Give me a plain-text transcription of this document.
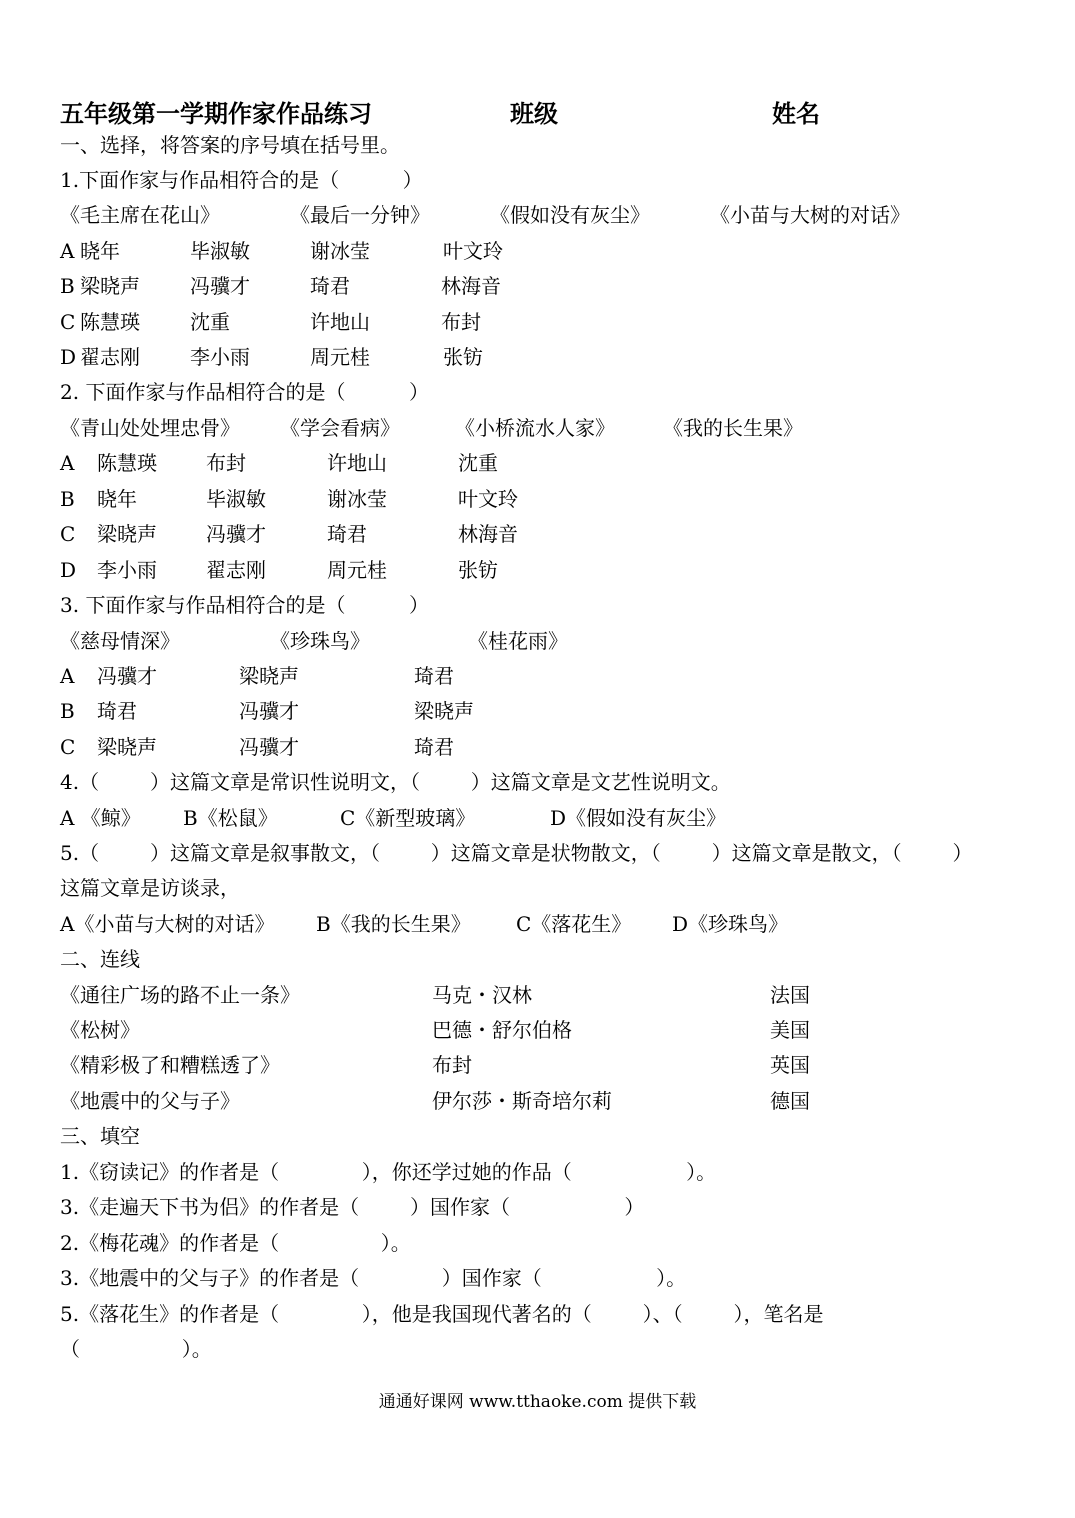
五年级第一学期作家作品练习	班级	姓名
一、选择，将答案的序号填在括号里。
1.下面作家与作品相符合的是（          ）
《毛主席在花山》	《最后一分钟》	《假如没有灰尘》	《小苗与大树的对话》
A 晓年	毕淑敏	谢冰莹	叶文玲
B 梁晓声	冯骥才	琦君	林海音
C 陈慧瑛	沈重	许地山	布封
D 翟志刚	李小雨	周元桂	张钫
2. 下面作家与作品相符合的是（          ）
《青山处处埋忠骨》 《学会看病》	《小桥流水人家》 《我的长生果》
A 陈慧瑛 布封	许地山	沈重
B 晓年	毕淑敏	谢冰莹	叶文玲
C 梁晓声 冯骥才	琦君	林海音
D 李小雨 翟志刚	周元桂	张钫
3. 下面作家与作品相符合的是（          ）
《慈母情深》	《珍珠鸟》	《桂花雨》
A 冯骥才	梁晓声	琦君
B 琦君	冯骥才	梁晓声
C 梁晓声	冯骥才	琦君
4.（        ）这篇文章是常识性说明文，（        ）这篇文章是文艺性说明文。
A 《鲸》 B《松鼠》	C《新型玻璃》	D《假如没有灰尘》
5.（        ）这篇文章是叙事散文，（        ）这篇文章是状物散文，（        ）这篇文章是散文，（        ）
这篇文章是访谈录，
A《小苗与大树的对话》 B《我的长生果》 C《落花生》 D《珍珠鸟》
二、连线
《通往广场的路不止一条》	马克・汉林	法国
《松树》	巴德・舒尔伯格	美国
《精彩极了和糟糕透了》	布封	英国
《地震中的父与子》	伊尔莎・斯奇培尔莉	德国
三、填空
1.《窃读记》的作者是（             ），你还学过她的作品（                  ）。
3.《走遍天下书为侣》的作者是（        ）国作家（                  ）
2.《梅花魂》的作者是（                ）。
3.《地震中的父与子》的作者是（             ）国作家（                  ）。
5.《落花生》的作者是（             ），他是我国现代著名的（        ）、（        ），笔名是
（                ）。
通通好课网 www.tthaoke.com 提供下载
